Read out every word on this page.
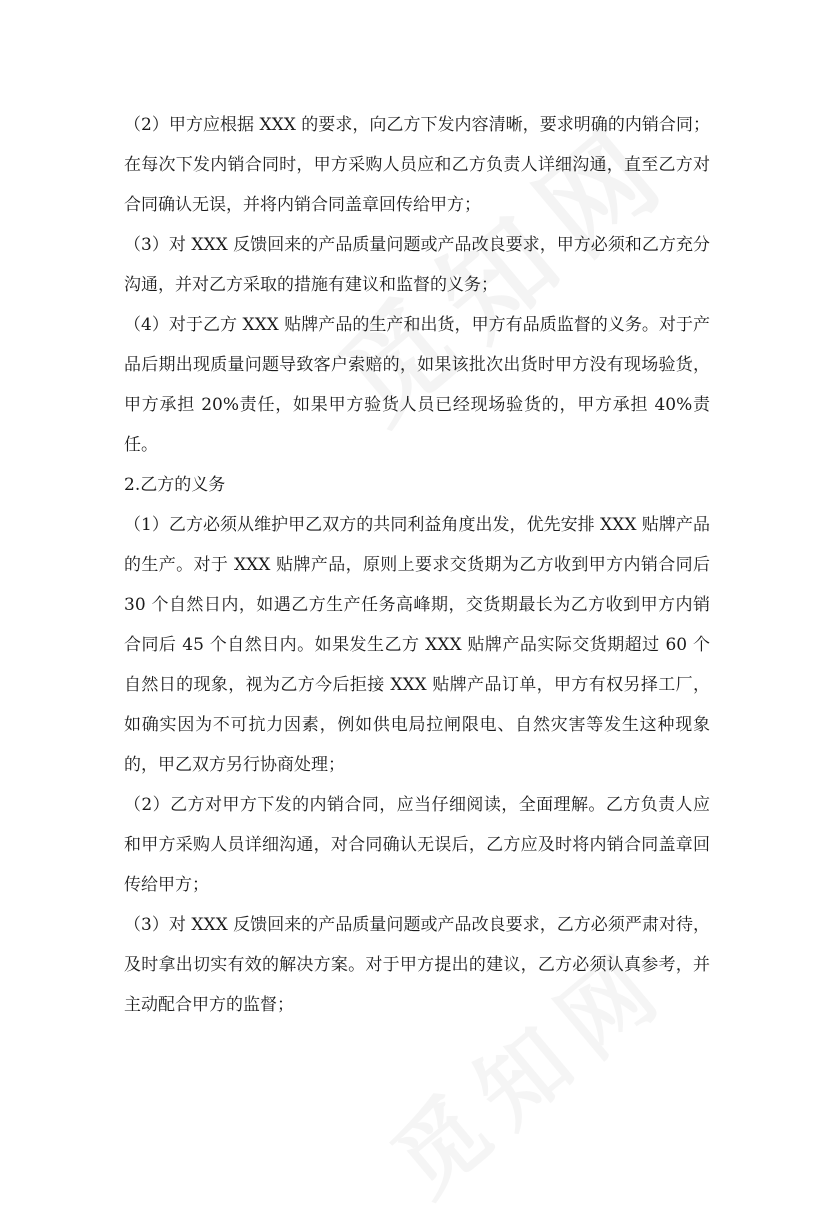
（2）甲方应根据 XXX 的要求，向乙方下发内容清晰，要求明确的内销合同；在每次下发内销合同时，甲方采购人员应和乙方负责人详细沟通，直至乙方对合同确认无误，并将内销合同盖章回传给甲方；

（3）对 XXX 反馈回来的产品质量问题或产品改良要求，甲方必须和乙方充分沟通，并对乙方采取的措施有建议和监督的义务；

（4）对于乙方 XXX 贴牌产品的生产和出货，甲方有品质监督的义务。对于产品后期出现质量问题导致客户索赔的，如果该批次出货时甲方没有现场验货，甲方承担 20%责任，如果甲方验货人员已经现场验货的，甲方承担 40%责任。

2.乙方的义务

（1）乙方必须从维护甲乙双方的共同利益角度出发，优先安排 XXX 贴牌产品的生产。对于 XXX 贴牌产品，原则上要求交货期为乙方收到甲方内销合同后 30 个自然日内，如遇乙方生产任务高峰期，交货期最长为乙方收到甲方内销合同后 45 个自然日内。如果发生乙方 XXX 贴牌产品实际交货期超过 60 个自然日的现象，视为乙方今后拒接 XXX 贴牌产品订单，甲方有权另择工厂，如确实因为不可抗力因素，例如供电局拉闸限电、自然灾害等发生这种现象的，甲乙双方另行协商处理；

（2）乙方对甲方下发的内销合同，应当仔细阅读，全面理解。乙方负责人应和甲方采购人员详细沟通，对合同确认无误后，乙方应及时将内销合同盖章回传给甲方；

（3）对 XXX 反馈回来的产品质量问题或产品改良要求，乙方必须严肃对待，及时拿出切实有效的解决方案。对于甲方提出的建议，乙方必须认真参考，并主动配合甲方的监督；
